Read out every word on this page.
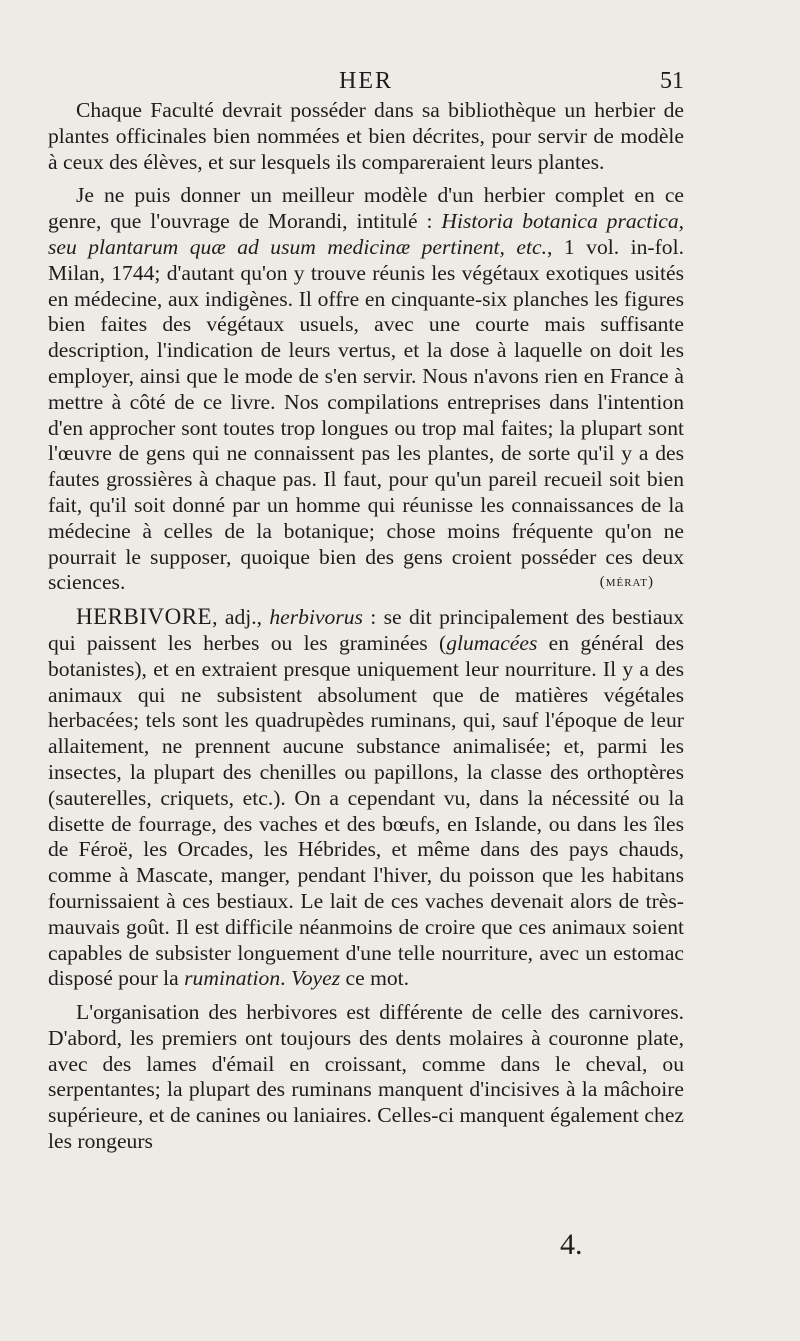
HER	51

Chaque Faculté devrait posséder dans sa bibliothèque un herbier de plantes officinales bien nommées et bien décrites, pour servir de modèle à ceux des élèves, et sur lesquels ils compareraient leurs plantes.

Je ne puis donner un meilleur modèle d'un herbier complet en ce genre, que l'ouvrage de Morandi, intitulé : Historia botanica practica, seu plantarum quæ ad usum medicinæ pertinent, etc., 1 vol. in-fol. Milan, 1744; d'autant qu'on y trouve réunis les végétaux exotiques usités en médecine, aux indigènes. Il offre en cinquante-six planches les figures bien faites des végétaux usuels, avec une courte mais suffisante description, l'indication de leurs vertus, et la dose à laquelle on doit les employer, ainsi que le mode de s'en servir. Nous n'avons rien en France à mettre à côté de ce livre. Nos compilations entreprises dans l'intention d'en approcher sont toutes trop longues ou trop mal faites; la plupart sont l'œuvre de gens qui ne connaissent pas les plantes, de sorte qu'il y a des fautes grossières à chaque pas. Il faut, pour qu'un pareil recueil soit bien fait, qu'il soit donné par un homme qui réunisse les connaissances de la médecine à celles de la botanique; chose moins fréquente qu'on ne pourrait le supposer, quoique bien des gens croient posséder ces deux sciences.	(mérat)

HERBIVORE, adj., herbivorus : se dit principalement des bestiaux qui paissent les herbes ou les graminées (glumacées en général des botanistes), et en extraient presque uniquement leur nourriture. Il y a des animaux qui ne subsistent absolument que de matières végétales herbacées; tels sont les quadrupèdes ruminans, qui, sauf l'époque de leur allaitement, ne prennent aucune substance animalisée; et, parmi les insectes, la plupart des chenilles ou papillons, la classe des orthoptères (sauterelles, criquets, etc.). On a cependant vu, dans la nécessité ou la disette de fourrage, des vaches et des bœufs, en Islande, ou dans les îles de Féroë, les Orcades, les Hébrides, et même dans des pays chauds, comme à Mascate, manger, pendant l'hiver, du poisson que les habitans fournissaient à ces bestiaux. Le lait de ces vaches devenait alors de très-mauvais goût. Il est difficile néanmoins de croire que ces animaux soient capables de subsister longuement d'une telle nourriture, avec un estomac disposé pour la rumination. Voyez ce mot.

L'organisation des herbivores est différente de celle des carnivores. D'abord, les premiers ont toujours des dents molaires à couronne plate, avec des lames d'émail en croissant, comme dans le cheval, ou serpentantes; la plupart des ruminans manquent d'incisives à la mâchoire supérieure, et de canines ou laniaires. Celles-ci manquent également chez les rongeurs

4.
